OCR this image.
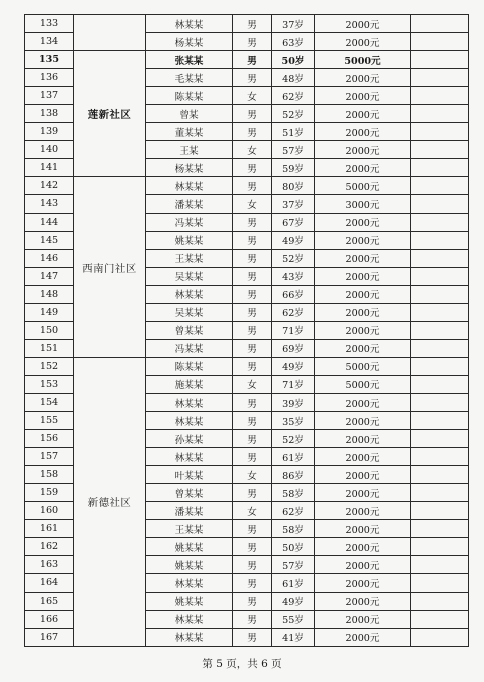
133		林某某	男	37岁	2000元	
134		杨某某	男	63岁	2000元	
135	莲新社区	张某某	男	50岁	5000元	
136		毛某某	男	48岁	2000元	
137		陈某某	女	62岁	2000元	
138		曾某	男	52岁	2000元	
139		董某某	男	51岁	2000元	
140		王某	女	57岁	2000元	
141		杨某某	男	59岁	2000元	
142	西南门社区	林某某	男	80岁	5000元	
143		潘某某	女	37岁	3000元	
144		冯某某	男	67岁	2000元	
145		姚某某	男	49岁	2000元	
146		王某某	男	52岁	2000元	
147		吴某某	男	43岁	2000元	
148		林某某	男	66岁	2000元	
149		吴某某	男	62岁	2000元	
150		曾某某	男	71岁	2000元	
151		冯某某	男	69岁	2000元	
152	新德社区	陈某某	男	49岁	5000元	
153		施某某	女	71岁	5000元	
154		林某某	男	39岁	2000元	
155		林某某	男	35岁	2000元	
156		孙某某	男	52岁	2000元	
157		林某某	男	61岁	2000元	
158		叶某某	女	86岁	2000元	
159		曾某某	男	58岁	2000元	
160		潘某某	女	62岁	2000元	
161		王某某	男	58岁	2000元	
162		姚某某	男	50岁	2000元	
163		姚某某	男	57岁	2000元	
164		林某某	男	61岁	2000元	
165		姚某某	男	49岁	2000元	
166		林某某	男	55岁	2000元	
167		林某某	男	41岁	2000元	
第 5 页，共 6 页
